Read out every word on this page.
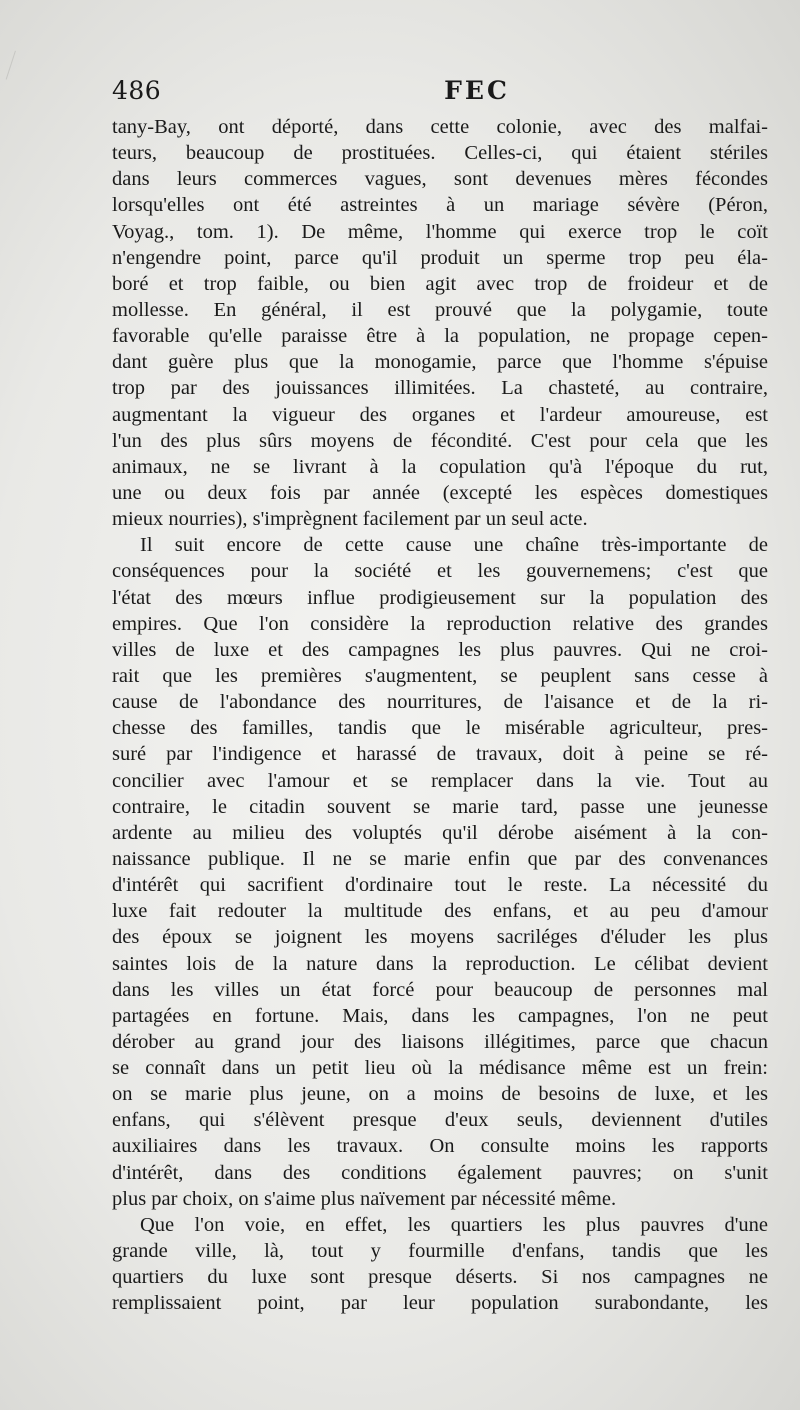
486	FEC
tany-Bay, ont déporté, dans cette colonie, avec des malfai-
teurs, beaucoup de prostituées. Celles-ci, qui étaient stériles
dans leurs commerces vagues, sont devenues mères fécondes
lorsqu'elles ont été astreintes à un mariage sévère (Péron,
Voyag., tom. 1). De même, l'homme qui exerce trop le coït
n'engendre point, parce qu'il produit un sperme trop peu éla-
boré et trop faible, ou bien agit avec trop de froideur et de
mollesse. En général, il est prouvé que la polygamie, toute
favorable qu'elle paraisse être à la population, ne propage cepen-
dant guère plus que la monogamie, parce que l'homme s'épuise
trop par des jouissances illimitées. La chasteté, au contraire,
augmentant la vigueur des organes et l'ardeur amoureuse, est
l'un des plus sûrs moyens de fécondité. C'est pour cela que les
animaux, ne se livrant à la copulation qu'à l'époque du rut,
une ou deux fois par année (excepté les espèces domestiques
mieux nourries), s'imprègnent facilement par un seul acte.
Il suit encore de cette cause une chaîne très-importante de
conséquences pour la société et les gouvernemens; c'est que
l'état des mœurs influe prodigieusement sur la population des
empires. Que l'on considère la reproduction relative des grandes
villes de luxe et des campagnes les plus pauvres. Qui ne croi-
rait que les premières s'augmentent, se peuplent sans cesse à
cause de l'abondance des nourritures, de l'aisance et de la ri-
chesse des familles, tandis que le misérable agriculteur, pres-
suré par l'indigence et harassé de travaux, doit à peine se ré-
concilier avec l'amour et se remplacer dans la vie. Tout au
contraire, le citadin souvent se marie tard, passe une jeunesse
ardente au milieu des voluptés qu'il dérobe aisément à la con-
naissance publique. Il ne se marie enfin que par des convenances
d'intérêt qui sacrifient d'ordinaire tout le reste. La nécessité du
luxe fait redouter la multitude des enfans, et au peu d'amour
des époux se joignent les moyens sacriléges d'éluder les plus
saintes lois de la nature dans la reproduction. Le célibat devient
dans les villes un état forcé pour beaucoup de personnes mal
partagées en fortune. Mais, dans les campagnes, l'on ne peut
dérober au grand jour des liaisons illégitimes, parce que chacun
se connaît dans un petit lieu où la médisance même est un frein:
on se marie plus jeune, on a moins de besoins de luxe, et les
enfans, qui s'élèvent presque d'eux seuls, deviennent d'utiles
auxiliaires dans les travaux. On consulte moins les rapports
d'intérêt, dans des conditions également pauvres; on s'unit
plus par choix, on s'aime plus naïvement par nécessité même.
Que l'on voie, en effet, les quartiers les plus pauvres d'une
grande ville, là, tout y fourmille d'enfans, tandis que les
quartiers du luxe sont presque déserts. Si nos campagnes ne
remplissaient point, par leur population surabondante, les
